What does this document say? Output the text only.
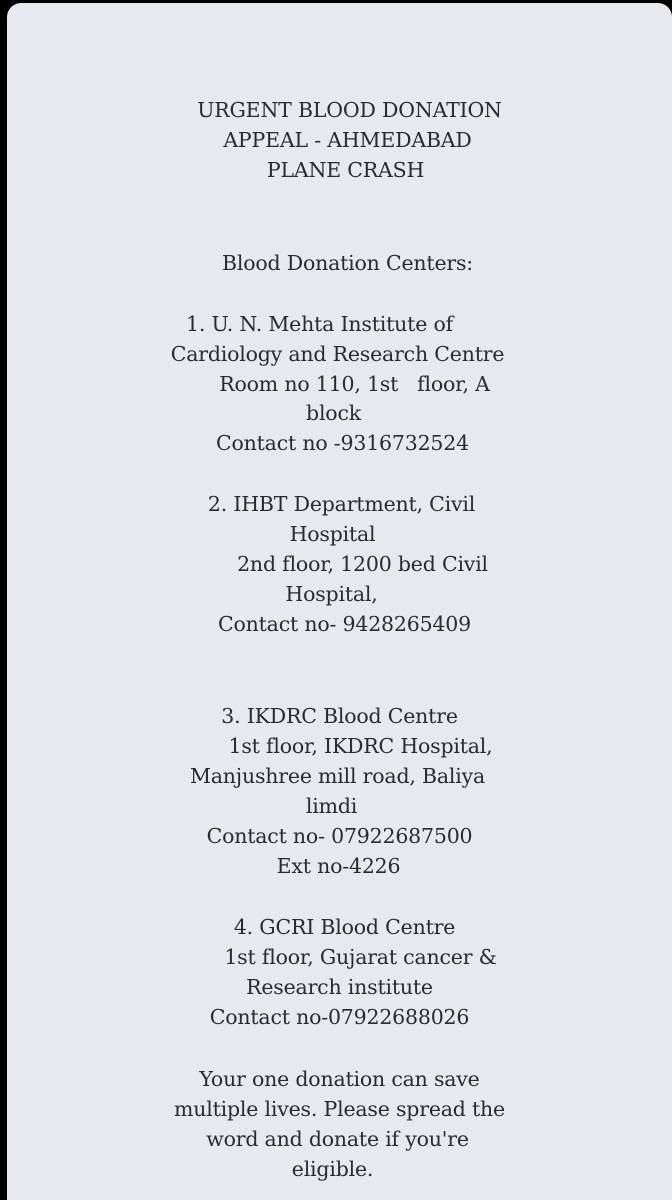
URGENT BLOOD DONATION
APPEAL - AHMEDABAD
PLANE CRASH
Blood Donation Centers:
1. U. N. Mehta Institute of
Cardiology and Research Centre
Room no 110, 1st   floor, A
block
Contact no -9316732524
2. IHBT Department, Civil
Hospital
2nd floor, 1200 bed Civil
Hospital,
Contact no- 9428265409
3. IKDRC Blood Centre
1st floor, IKDRC Hospital,
Manjushree mill road, Baliya
limdi
Contact no- 07922687500
Ext no-4226
4. GCRI Blood Centre
1st floor, Gujarat cancer &
Research institute
Contact no-07922688026
Your one donation can save
multiple lives. Please spread the
word and donate if you're
eligible.
